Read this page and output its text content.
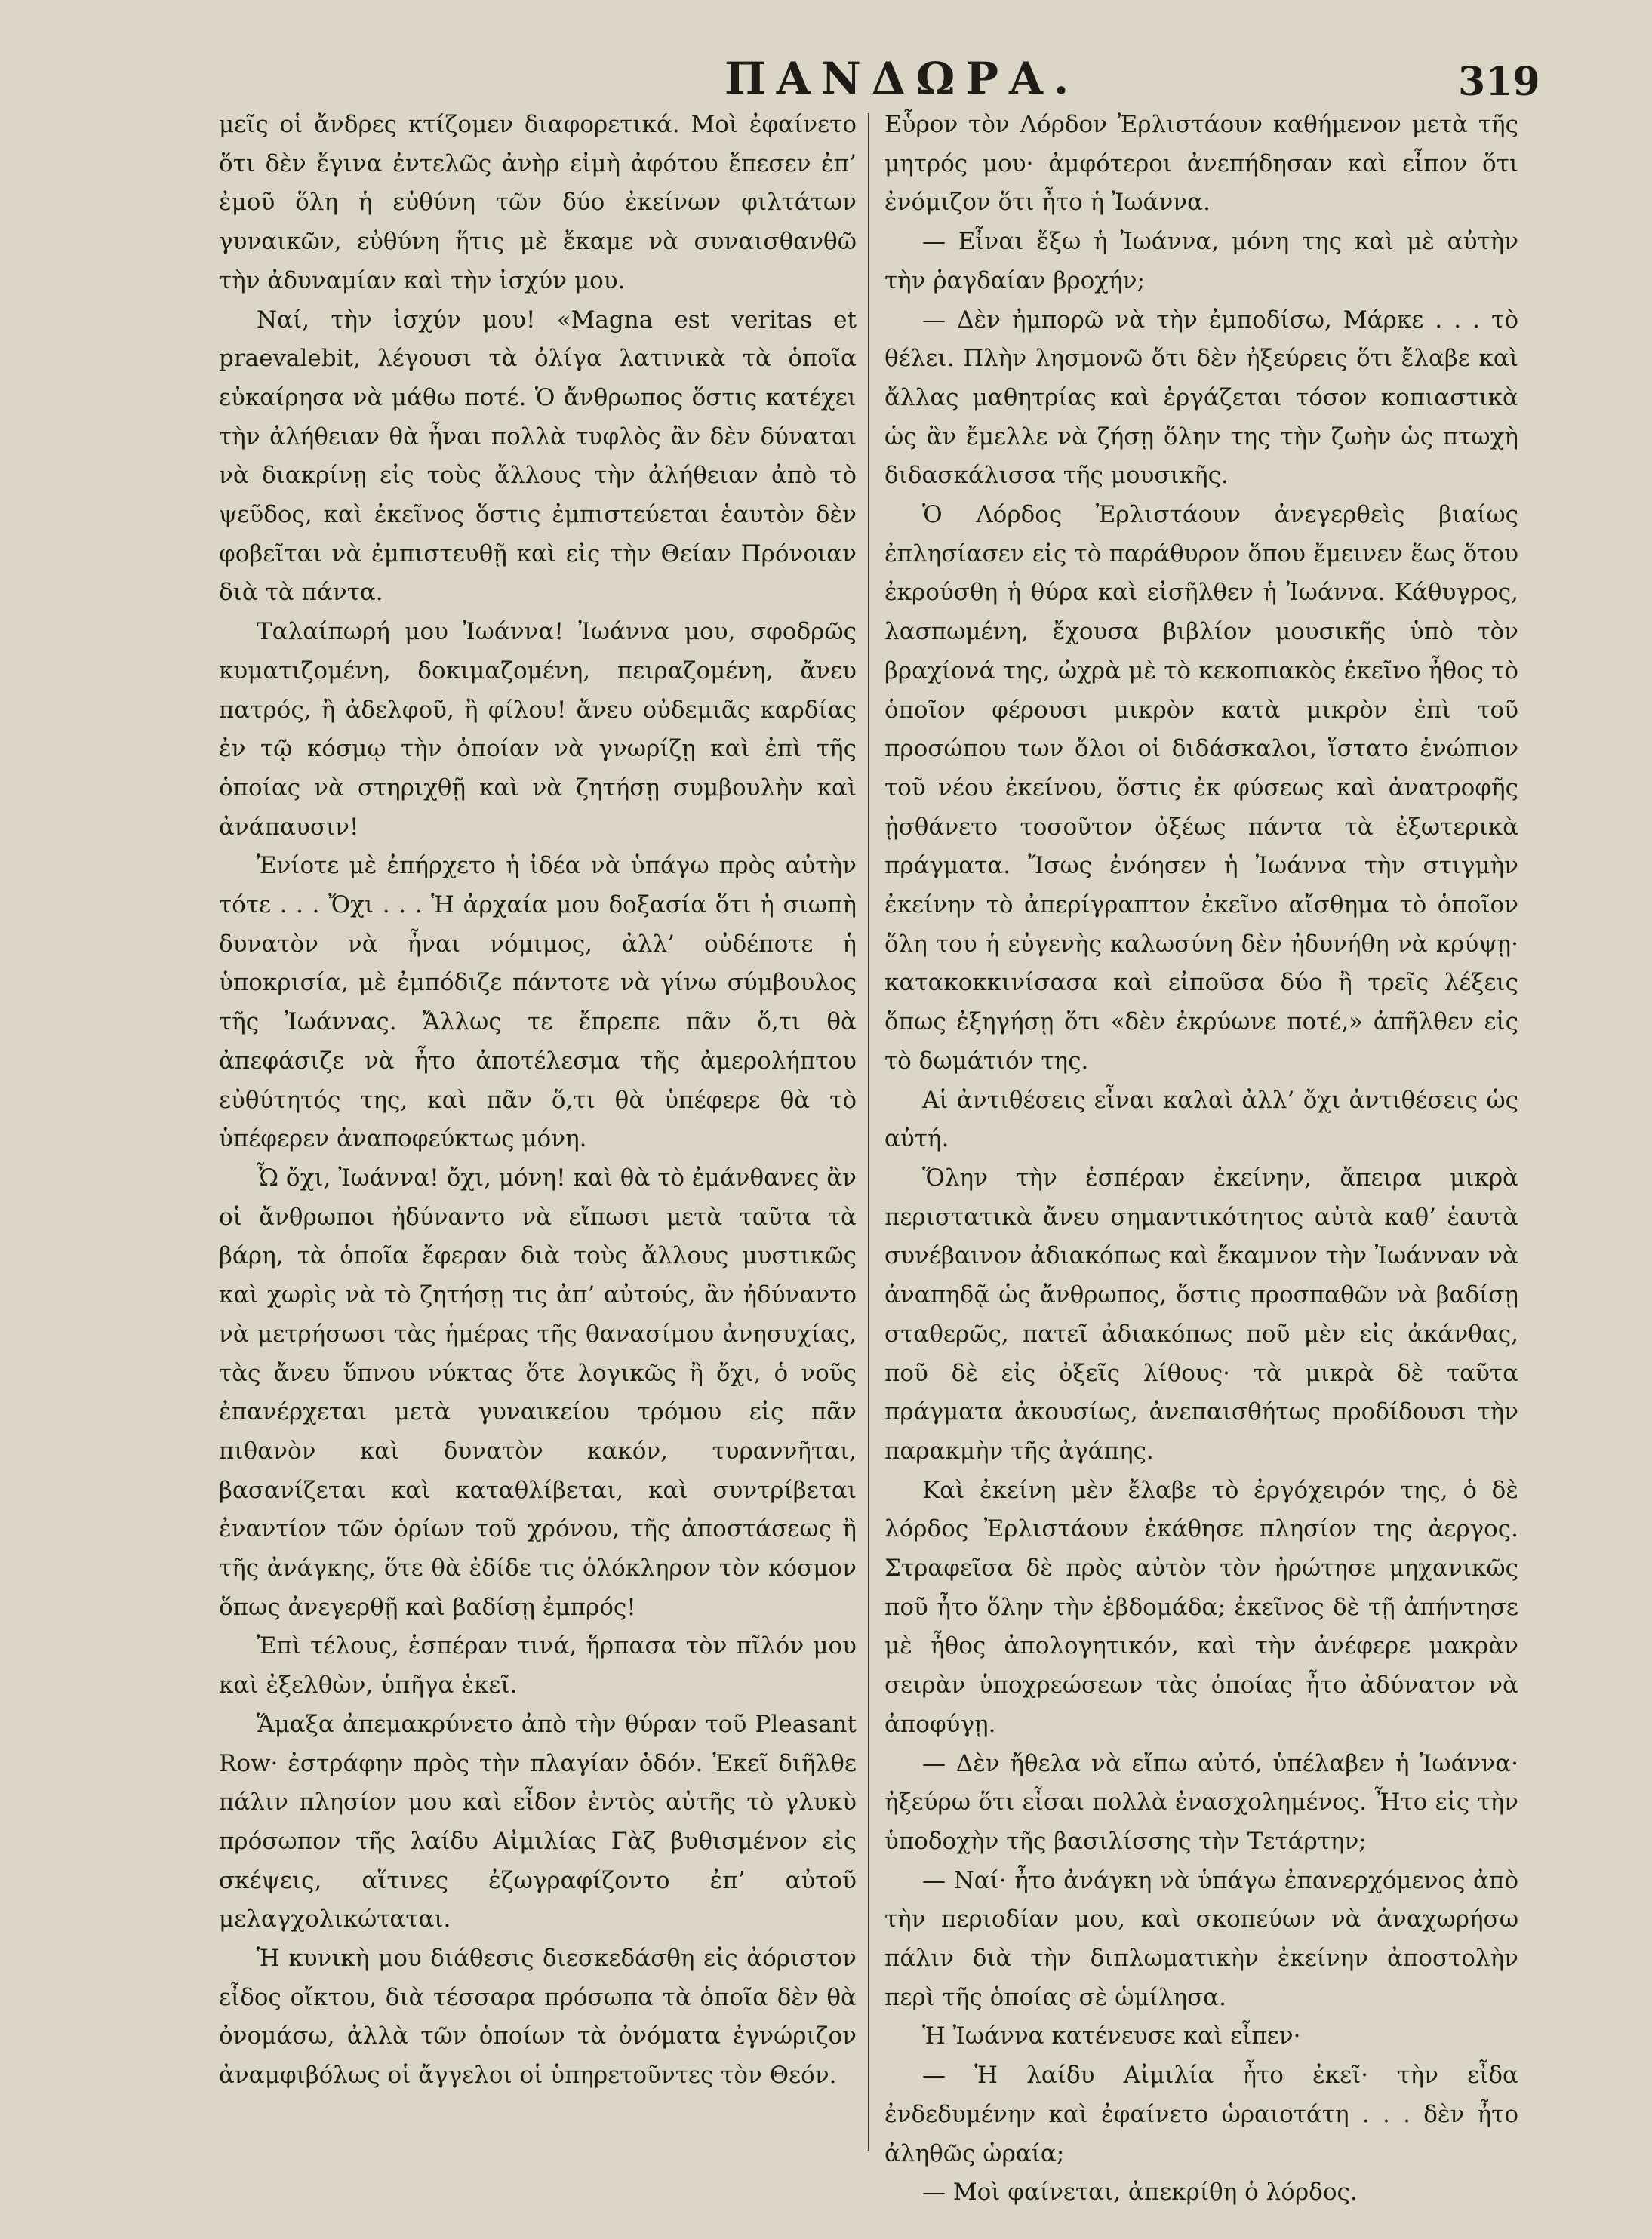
ΠΑΝΔΩΡΑ.	319

μεῖς οἱ ἄνδρες κτίζομεν διαφορετικά. Μοὶ ἐφαίνετο ὅτι δὲν ἔγινα ἐντελῶς ἀνὴρ εἰμὴ ἀφότου ἔπεσεν ἐπ’ ἐμοῦ ὅλη ἡ εὐθύνη τῶν δύο ἐκείνων φιλτάτων γυναικῶν, εὐθύνη ἥτις μὲ ἔκαμε νὰ συναισθανθῶ τὴν ἀδυναμίαν καὶ τὴν ἰσχύν μου.

Ναί, τὴν ἰσχύν μου! «Magna est veritas et praevalebit, λέγουσι τὰ ὀλίγα λατινικὰ τὰ ὁποῖα εὐκαίρησα νὰ μάθω ποτέ. Ὁ ἄνθρωπος ὅστις κατέχει τὴν ἀλήθειαν θὰ ἦναι πολλὰ τυφλὸς ἂν δὲν δύναται νὰ διακρίνῃ εἰς τοὺς ἄλλους τὴν ἀλήθειαν ἀπὸ τὸ ψεῦδος, καὶ ἐκεῖνος ὅστις ἐμπιστεύεται ἑαυτὸν δὲν φοβεῖται νὰ ἐμπιστευθῇ καὶ εἰς τὴν Θείαν Πρόνοιαν διὰ τὰ πάντα.

Ταλαίπωρή μου Ἰωάννα! Ἰωάννα μου, σφοδρῶς κυματιζομένη, δοκιμαζομένη, πειραζομένη, ἄνευ πατρός, ἢ ἀδελφοῦ, ἢ φίλου! ἄνευ οὐδεμιᾶς καρδίας ἐν τῷ κόσμῳ τὴν ὁποίαν νὰ γνωρίζῃ καὶ ἐπὶ τῆς ὁποίας νὰ στηριχθῇ καὶ νὰ ζητήσῃ συμβουλὴν καὶ ἀνάπαυσιν!

Ἐνίοτε μὲ ἐπήρχετο ἡ ἰδέα νὰ ὑπάγω πρὸς αὐτὴν τότε . . . Ὄχι . . . Ἡ ἀρχαία μου δοξασία ὅτι ἡ σιωπὴ δυνατὸν νὰ ἦναι νόμιμος, ἀλλ’ οὐδέποτε ἡ ὑποκρισία, μὲ ἐμπόδιζε πάντοτε νὰ γίνω σύμβουλος τῆς Ἰωάννας. Ἄλλως τε ἔπρεπε πᾶν ὅ,τι θὰ ἀπεφάσιζε νὰ ἦτο ἀποτέλεσμα τῆς ἀμερολήπτου εὐθύτητός της, καὶ πᾶν ὅ,τι θὰ ὑπέφερε θὰ τὸ ὑπέφερεν ἀναποφεύκτως μόνη.

Ὦ ὄχι, Ἰωάννα! ὄχι, μόνη! καὶ θὰ τὸ ἐμάνθανες ἂν οἱ ἄνθρωποι ἠδύναντο νὰ εἴπωσι μετὰ ταῦτα τὰ βάρη, τὰ ὁποῖα ἔφεραν διὰ τοὺς ἄλλους μυστικῶς καὶ χωρὶς νὰ τὸ ζητήσῃ τις ἀπ’ αὐτούς, ἂν ἠδύναντο νὰ μετρήσωσι τὰς ἡμέρας τῆς θανασίμου ἀνησυχίας, τὰς ἄνευ ὕπνου νύκτας ὅτε λογικῶς ἢ ὄχι, ὁ νοῦς ἐπανέρχεται μετὰ γυναικείου τρόμου εἰς πᾶν πιθανὸν καὶ δυνατὸν κακόν, τυραννῆται, βασανίζεται καὶ καταθλίβεται, καὶ συντρίβεται ἐναντίον τῶν ὁρίων τοῦ χρόνου, τῆς ἀποστάσεως ἢ τῆς ἀνάγκης, ὅτε θὰ ἐδίδε τις ὁλόκληρον τὸν κόσμον ὅπως ἀνεγερθῇ καὶ βαδίσῃ ἐμπρός!

Ἐπὶ τέλους, ἑσπέραν τινά, ἥρπασα τὸν πῖλόν μου καὶ ἐξελθὼν, ὑπῆγα ἐκεῖ.

Ἅμαξα ἀπεμακρύνετο ἀπὸ τὴν θύραν τοῦ Pleasant Row· ἐστράφην πρὸς τὴν πλαγίαν ὁδόν. Ἐκεῖ διῆλθε πάλιν πλησίον μου καὶ εἶδον ἐντὸς αὐτῆς τὸ γλυκὺ πρόσωπον τῆς λαίδυ Αἰμιλίας Γὰζ βυθισμένον εἰς σκέψεις, αἵτινες ἐζωγραφίζοντο ἐπ’ αὐτοῦ μελαγχολικώταται.

Ἡ κυνικὴ μου διάθεσις διεσκεδάσθη εἰς ἀόριστον εἶδος οἴκτου, διὰ τέσσαρα πρόσωπα τὰ ὁποῖα δὲν θὰ ὀνομάσω, ἀλλὰ τῶν ὁποίων τὰ ὀνόματα ἐγνώριζον ἀναμφιβόλως οἱ ἄγγελοι οἱ ὑπηρετοῦντες τὸν Θεόν.

Εὗρον τὸν Λόρδον Ἐρλιστάουν καθήμενον μετὰ τῆς μητρός μου· ἀμφότεροι ἀνεπήδησαν καὶ εἶπον ὅτι ἐνόμιζον ὅτι ἦτο ἡ Ἰωάννα.

— Εἶναι ἔξω ἡ Ἰωάννα, μόνη της καὶ μὲ αὐτὴν τὴν ῥαγδαίαν βροχήν;

— Δὲν ἠμπορῶ νὰ τὴν ἐμποδίσω, Μάρκε . . . τὸ θέλει. Πλὴν λησμονῶ ὅτι δὲν ἠξεύρεις ὅτι ἔλαβε καὶ ἄλλας μαθητρίας καὶ ἐργάζεται τόσον κοπιαστικὰ ὡς ἂν ἔμελλε νὰ ζήσῃ ὅλην της τὴν ζωὴν ὡς πτωχὴ διδασκάλισσα τῆς μουσικῆς.

Ὁ Λόρδος Ἐρλιστάουν ἀνεγερθεὶς βιαίως ἐπλησίασεν εἰς τὸ παράθυρον ὅπου ἔμεινεν ἕως ὅτου ἐκρούσθη ἡ θύρα καὶ εἰσῆλθεν ἡ Ἰωάννα. Κάθυγρος, λασπωμένη, ἔχουσα βιβλίον μουσικῆς ὑπὸ τὸν βραχίονά της, ὠχρὰ μὲ τὸ κεκοπιακὸς ἐκεῖνο ἦθος τὸ ὁποῖον φέρουσι μικρὸν κατὰ μικρὸν ἐπὶ τοῦ προσώπου των ὅλοι οἱ διδάσκαλοι, ἵστατο ἐνώπιον τοῦ νέου ἐκείνου, ὅστις ἐκ φύσεως καὶ ἀνατροφῆς ᾐσθάνετο τοσοῦτον ὀξέως πάντα τὰ ἐξωτερικὰ πράγματα. Ἴσως ἐνόησεν ἡ Ἰωάννα τὴν στιγμὴν ἐκείνην τὸ ἀπερίγραπτον ἐκεῖνο αἴσθημα τὸ ὁποῖον ὅλη του ἡ εὐγενὴς καλωσύνη δὲν ἠδυνήθη νὰ κρύψῃ· κατακοκκινίσασα καὶ εἰποῦσα δύο ἢ τρεῖς λέξεις ὅπως ἐξηγήσῃ ὅτι «δὲν ἐκρύωνε ποτέ,» ἀπῆλθεν εἰς τὸ δωμάτιόν της.

Αἱ ἀντιθέσεις εἶναι καλαὶ ἀλλ’ ὄχι ἀντιθέσεις ὡς αὐτή.

Ὅλην τὴν ἑσπέραν ἐκείνην, ἄπειρα μικρὰ περιστατικὰ ἄνευ σημαντικότητος αὐτὰ καθ’ ἑαυτὰ συνέβαινον ἀδιακόπως καὶ ἔκαμνον τὴν Ἰωάνναν νὰ ἀναπηδᾷ ὡς ἄνθρωπος, ὅστις προσπαθῶν νὰ βαδίσῃ σταθερῶς, πατεῖ ἀδιακόπως ποῦ μὲν εἰς ἀκάνθας, ποῦ δὲ εἰς ὀξεῖς λίθους· τὰ μικρὰ δὲ ταῦτα πράγματα ἀκουσίως, ἀνεπαισθήτως προδίδουσι τὴν παρακμὴν τῆς ἀγάπης.

Καὶ ἐκείνη μὲν ἔλαβε τὸ ἐργόχειρόν της, ὁ δὲ λόρδος Ἐρλιστάουν ἐκάθησε πλησίον της ἀεργος. Στραφεῖσα δὲ πρὸς αὐτὸν τὸν ἠρώτησε μηχανικῶς ποῦ ἦτο ὅλην τὴν ἑβδομάδα; ἐκεῖνος δὲ τῇ ἀπήντησε μὲ ἦθος ἀπολογητικόν, καὶ τὴν ἀνέφερε μακρὰν σειρὰν ὑποχρεώσεων τὰς ὁποίας ἦτο ἀδύνατον νὰ ἀποφύγῃ.

— Δὲν ἤθελα νὰ εἴπω αὐτό, ὑπέλαβεν ἡ Ἰωάννα· ἠξεύρω ὅτι εἶσαι πολλὰ ἐνασχολημένος. Ἦτο εἰς τὴν ὑποδοχὴν τῆς βασιλίσσης τὴν Τετάρτην;

— Ναί· ἦτο ἀνάγκη νὰ ὑπάγω ἐπανερχόμενος ἀπὸ τὴν περιοδίαν μου, καὶ σκοπεύων νὰ ἀναχωρήσω πάλιν διὰ τὴν διπλωματικὴν ἐκείνην ἀποστολὴν περὶ τῆς ὁποίας σὲ ὡμίλησα.

Ἡ Ἰωάννα κατένευσε καὶ εἶπεν·

— Ἡ λαίδυ Αἰμιλία ἦτο ἐκεῖ· τὴν εἶδα ἐνδεδυμένην καὶ ἐφαίνετο ὡραιοτάτη . . . δὲν ἦτο ἀληθῶς ὡραία;

— Μοὶ φαίνεται, ἀπεκρίθη ὁ λόρδος.
